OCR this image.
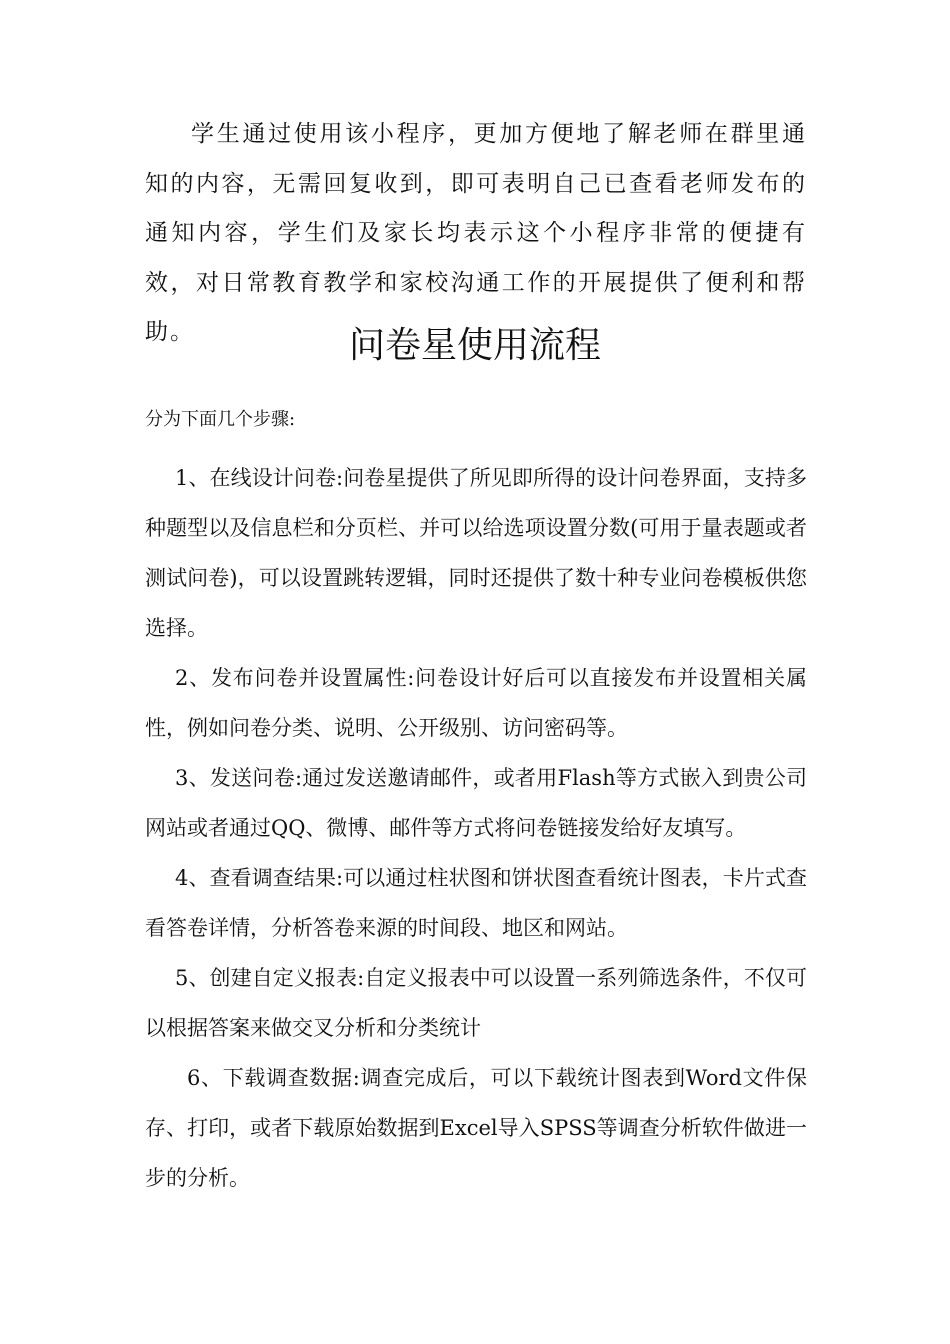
学生通过使用该小程序，更加方便地了解老师在群里通知的内容，无需回复收到，即可表明自己已查看老师发布的通知内容，学生们及家长均表示这个小程序非常的便捷有效，对日常教育教学和家校沟通工作的开展提供了便利和帮助。	问卷星使用流程

分为下面几个步骤:

1、在线设计问卷:问卷星提供了所见即所得的设计问卷界面，支持多种题型以及信息栏和分页栏、并可以给选项设置分数(可用于量表题或者测试问卷)，可以设置跳转逻辑，同时还提供了数十种专业问卷模板供您选择。

2、发布问卷并设置属性:问卷设计好后可以直接发布并设置相关属性，例如问卷分类、说明、公开级别、访问密码等。

3、发送问卷:通过发送邀请邮件，或者用Flash等方式嵌入到贵公司网站或者通过QQ、微博、邮件等方式将问卷链接发给好友填写。

4、查看调查结果:可以通过柱状图和饼状图查看统计图表，卡片式查看答卷详情，分析答卷来源的时间段、地区和网站。

5、创建自定义报表:自定义报表中可以设置一系列筛选条件，不仅可以根据答案来做交叉分析和分类统计

6、下载调查数据:调查完成后，可以下载统计图表到Word文件保存、打印，或者下载原始数据到Excel导入SPSS等调查分析软件做进一步的分析。
